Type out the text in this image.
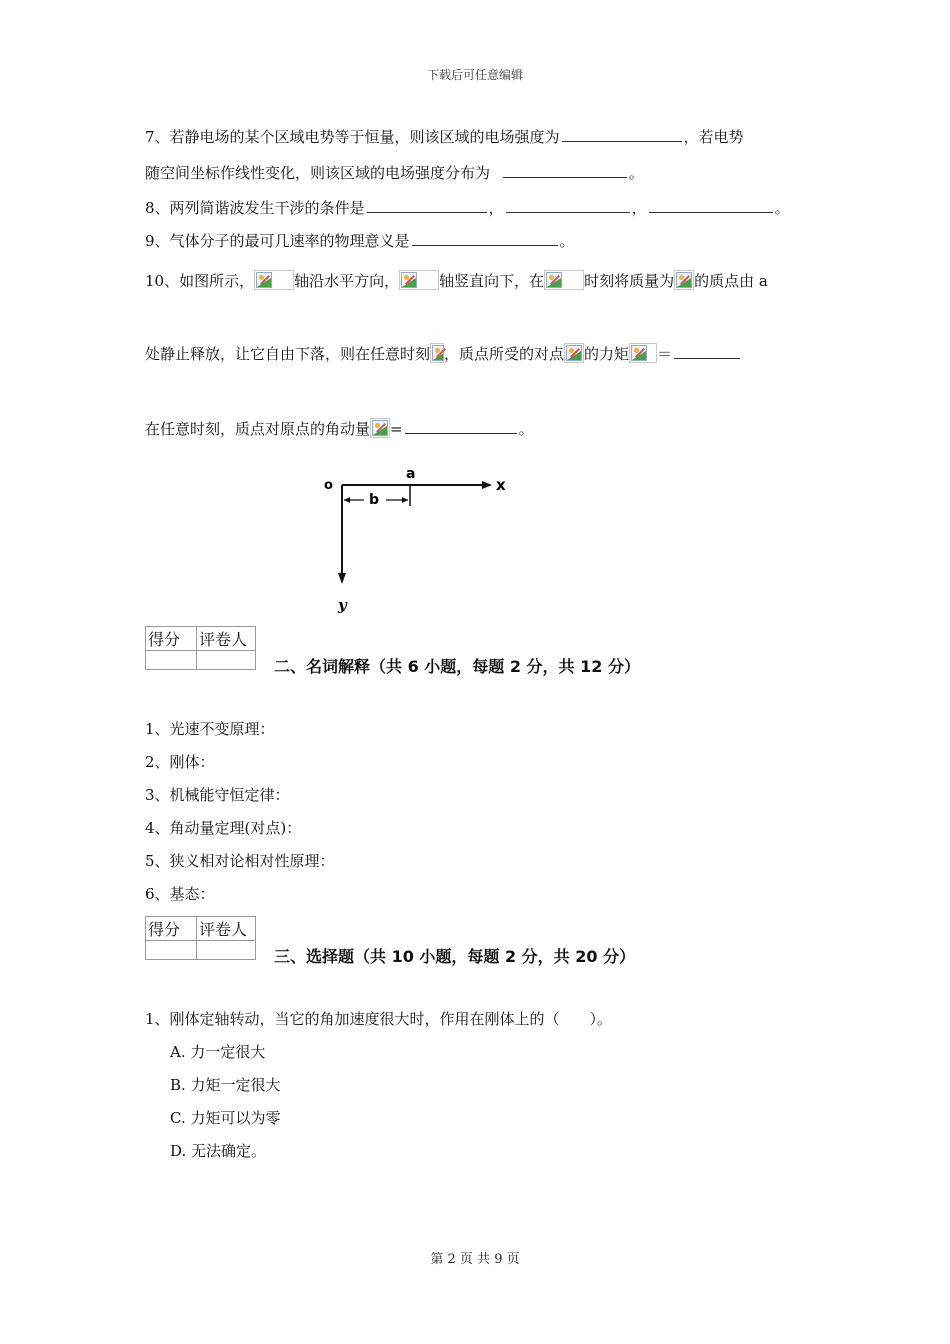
下载后可任意编辑
7、若静电场的某个区域电势等于恒量，则该区域的电场强度为	，若电势
随空间坐标作线性变化，则该区域的电场强度分布为	。
8、两列简谐波发生干涉的条件是	，	，	。
9、气体分子的最可几速率的物理意义是	。
10、如图所示，	轴沿水平方向，	轴竖直向下，在	时刻将质量为 的质点由 a
处静止释放，让它自由下落，则在任意时刻 ，质点所受的对点 的力矩 ＝
在任意时刻，质点对原点的角动量 =	。
o
a
b
x
y
得分	评卷人

二、名词解释（共 6 小题，每题 2 分，共 12 分）
1、光速不变原理：
2、刚体：
3、机械能守恒定律：
4、角动量定理(对点)：
5、狭义相对论相对性原理：
6、基态：
得分	评卷人

三、选择题（共 10 小题，每题 2 分，共 20 分）
1、刚体定轴转动，当它的角加速度很大时，作用在刚体上的（　　）。
A. 力一定很大
B. 力矩一定很大
C. 力矩可以为零
D. 无法确定。
第 2 页 共 9 页
